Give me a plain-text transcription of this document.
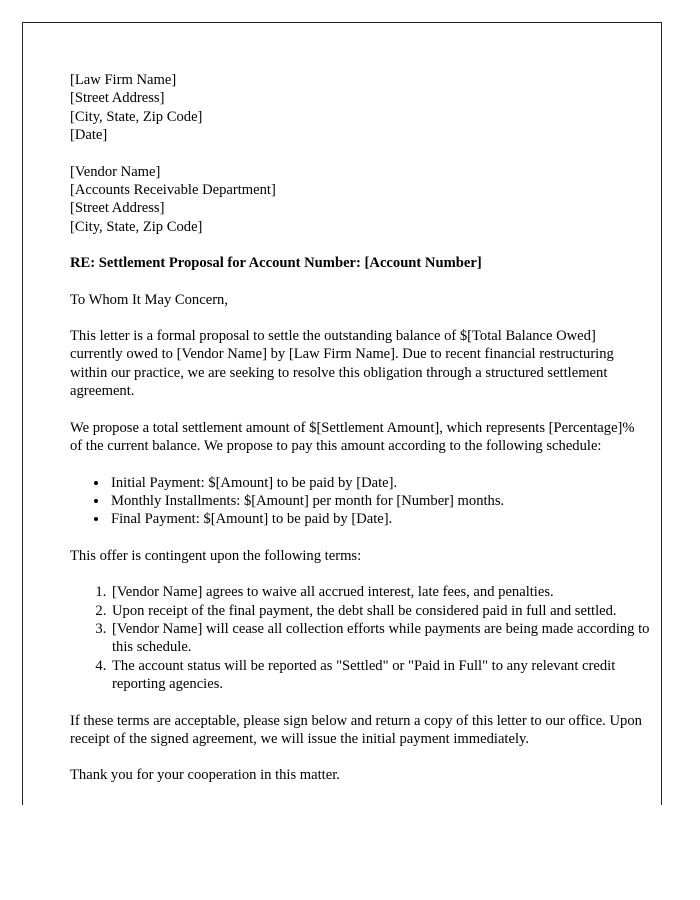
[Law Firm Name]
[Street Address]
[City, State, Zip Code]
[Date]
[Vendor Name]
[Accounts Receivable Department]
[Street Address]
[City, State, Zip Code]
RE: Settlement Proposal for Account Number: [Account Number]

To Whom It May Concern,

This letter is a formal proposal to settle the outstanding balance of $[Total Balance Owed] currently owed to [Vendor Name] by [Law Firm Name]. Due to recent financial restructuring within our practice, we are seeking to resolve this obligation through a structured settlement agreement.

We propose a total settlement amount of $[Settlement Amount], which represents [Percentage]% of the current balance. We propose to pay this amount according to the following schedule:

• Initial Payment: $[Amount] to be paid by [Date].
• Monthly Installments: $[Amount] per month for [Number] months.
• Final Payment: $[Amount] to be paid by [Date].

This offer is contingent upon the following terms:

1. [Vendor Name] agrees to waive all accrued interest, late fees, and penalties.
2. Upon receipt of the final payment, the debt shall be considered paid in full and settled.
3. [Vendor Name] will cease all collection efforts while payments are being made according to this schedule.
4. The account status will be reported as "Settled" or "Paid in Full" to any relevant credit reporting agencies.

If these terms are acceptable, please sign below and return a copy of this letter to our office. Upon receipt of the signed agreement, we will issue the initial payment immediately.

Thank you for your cooperation in this matter.
